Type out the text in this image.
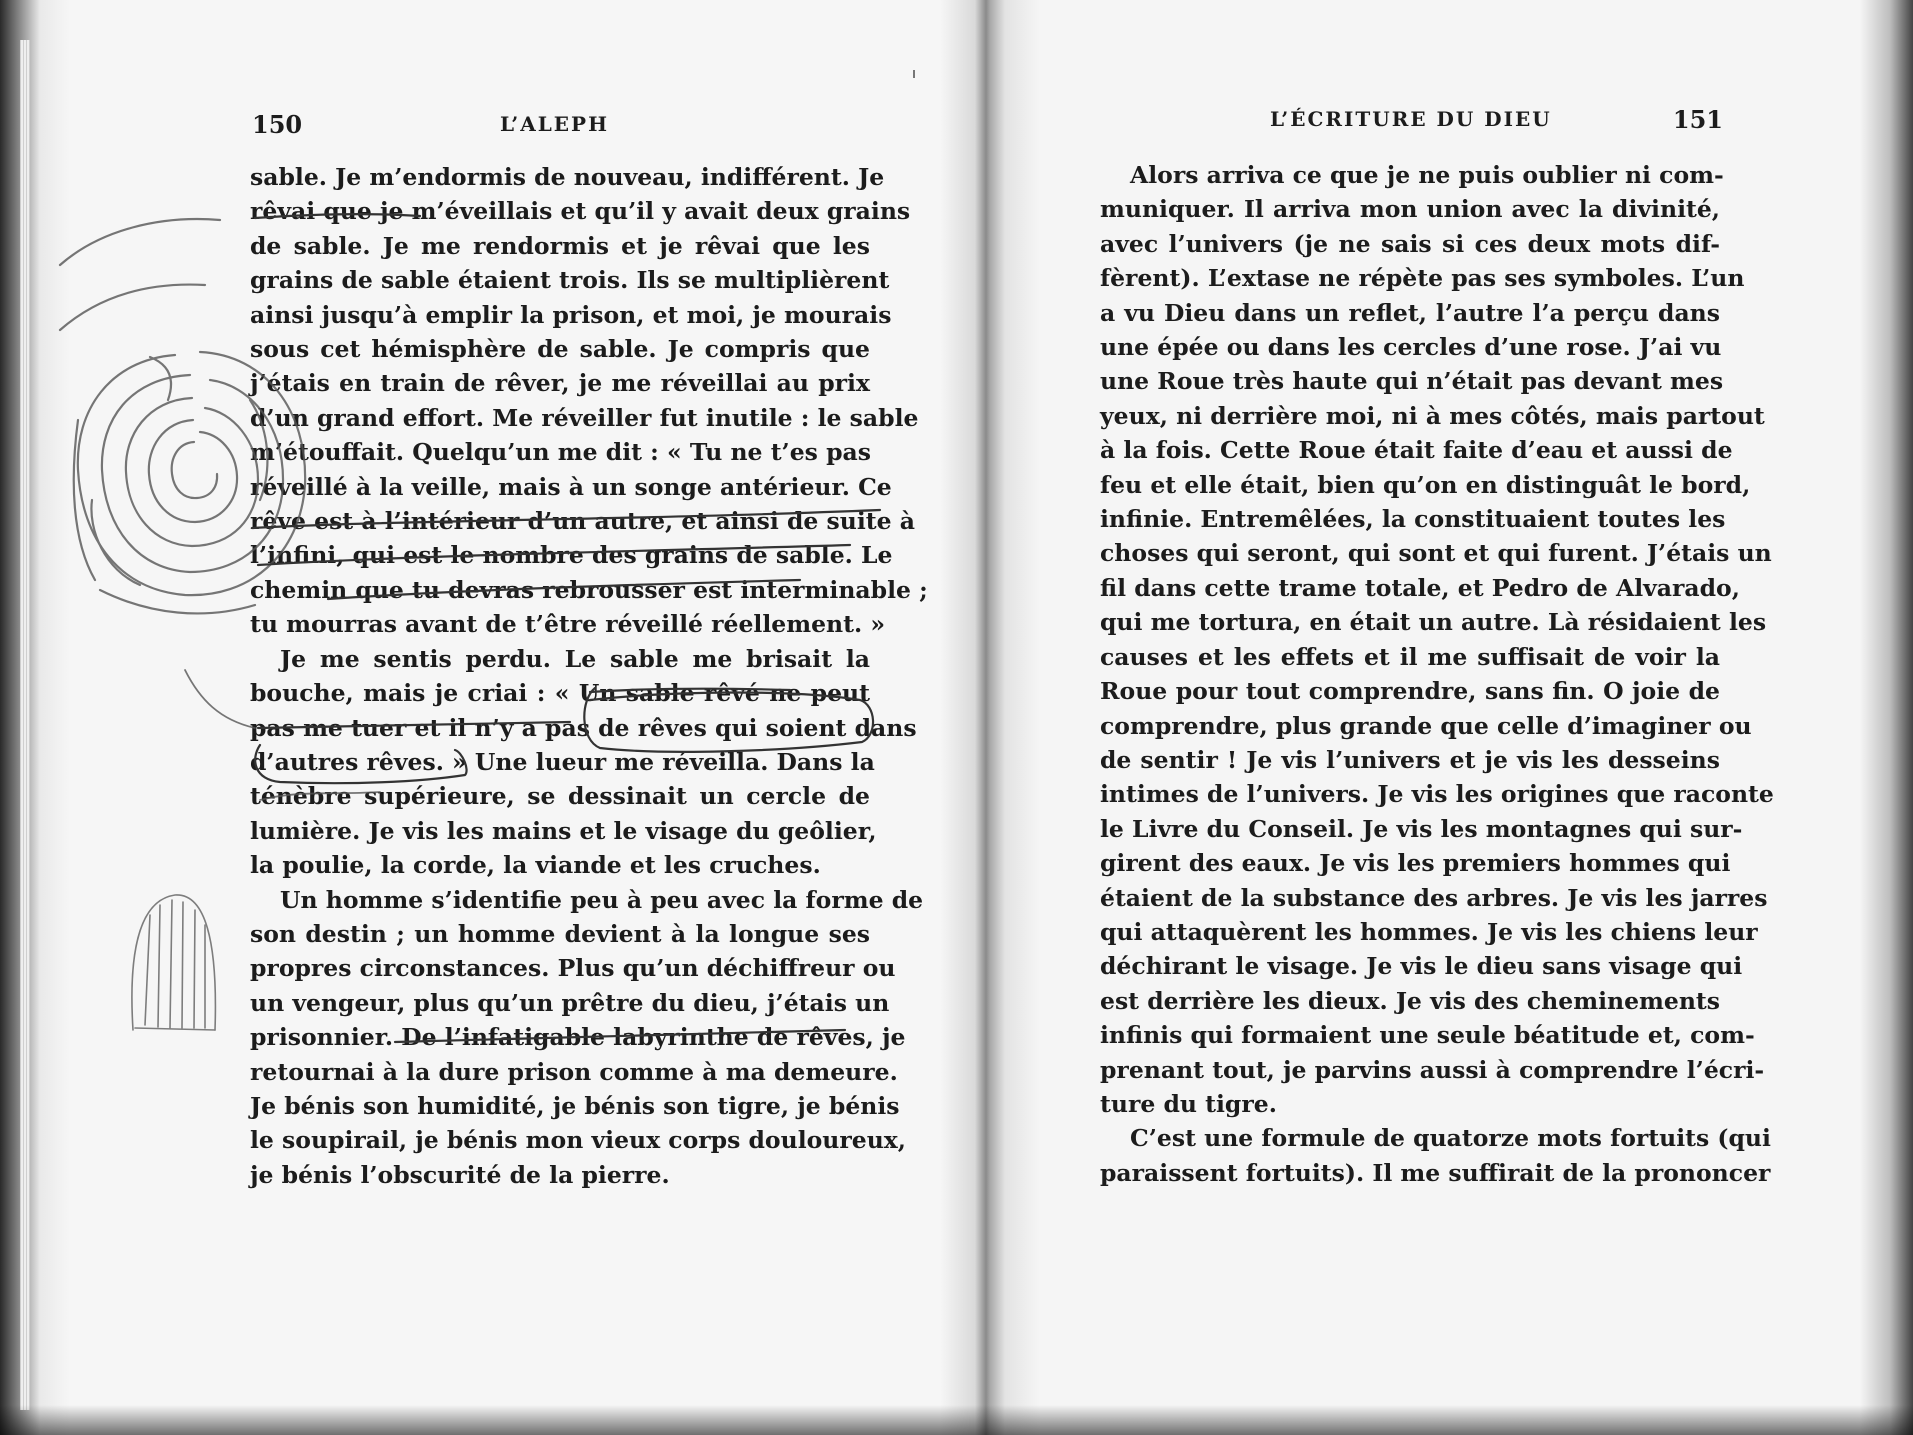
150	L’ALEPH
sable. Je m’endormis de nouveau, indifférent. Je
rêvai que je m’éveillais et qu’il y avait deux grains
de sable. Je me rendormis et je rêvai que les
grains de sable étaient trois. Ils se multiplièrent
ainsi jusqu’à emplir la prison, et moi, je mourais
sous cet hémisphère de sable. Je compris que
j’étais en train de rêver, je me réveillai au prix
d’un grand effort. Me réveiller fut inutile : le sable
m’étouffait. Quelqu’un me dit : « Tu ne t’es pas
réveillé à la veille, mais à un songe antérieur. Ce
rêve est à l’intérieur d’un autre, et ainsi de suite à
l’infini, qui est le nombre des grains de sable. Le
chemin que tu devras rebrousser est interminable ;
tu mourras avant de t’être réveillé réellement. »
Je me sentis perdu. Le sable me brisait la
bouche, mais je criai : « Un sable rêvé ne peut
pas me tuer et il n’y a pas de rêves qui soient dans
d’autres rêves. » Une lueur me réveilla. Dans la
ténèbre supérieure, se dessinait un cercle de
lumière. Je vis les mains et le visage du geôlier,
la poulie, la corde, la viande et les cruches.
Un homme s’identifie peu à peu avec la forme de
son destin ; un homme devient à la longue ses
propres circonstances. Plus qu’un déchiffreur ou
un vengeur, plus qu’un prêtre du dieu, j’étais un
prisonnier. De l’infatigable labyrinthe de rêves, je
retournai à la dure prison comme à ma demeure.
Je bénis son humidité, je bénis son tigre, je bénis
le soupirail, je bénis mon vieux corps douloureux,
je bénis l’obscurité de la pierre.
L’ÉCRITURE DU DIEU	151
Alors arriva ce que je ne puis oublier ni com-
muniquer. Il arriva mon union avec la divinité,
avec l’univers (je ne sais si ces deux mots dif-
fèrent). L’extase ne répète pas ses symboles. L’un
a vu Dieu dans un reflet, l’autre l’a perçu dans
une épée ou dans les cercles d’une rose. J’ai vu
une Roue très haute qui n’était pas devant mes
yeux, ni derrière moi, ni à mes côtés, mais partout
à la fois. Cette Roue était faite d’eau et aussi de
feu et elle était, bien qu’on en distinguât le bord,
infinie. Entremêlées, la constituaient toutes les
choses qui seront, qui sont et qui furent. J’étais un
fil dans cette trame totale, et Pedro de Alvarado,
qui me tortura, en était un autre. Là résidaient les
causes et les effets et il me suffisait de voir la
Roue pour tout comprendre, sans fin. O joie de
comprendre, plus grande que celle d’imaginer ou
de sentir ! Je vis l’univers et je vis les desseins
intimes de l’univers. Je vis les origines que raconte
le Livre du Conseil. Je vis les montagnes qui sur-
girent des eaux. Je vis les premiers hommes qui
étaient de la substance des arbres. Je vis les jarres
qui attaquèrent les hommes. Je vis les chiens leur
déchirant le visage. Je vis le dieu sans visage qui
est derrière les dieux. Je vis des cheminements
infinis qui formaient une seule béatitude et, com-
prenant tout, je parvins aussi à comprendre l’écri-
ture du tigre.
C’est une formule de quatorze mots fortuits (qui
paraissent fortuits). Il me suffirait de la prononcer
